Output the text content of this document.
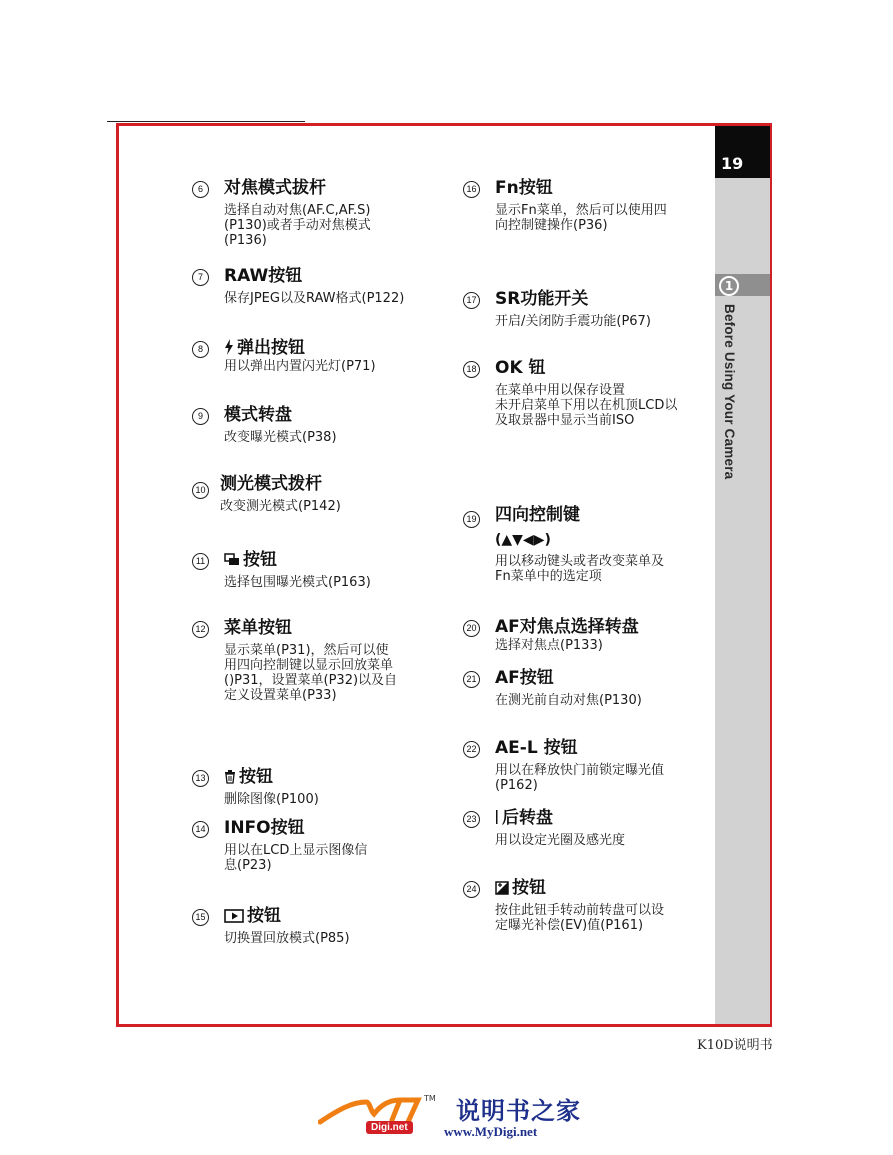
19
1
Before Using Your Camera
6	对焦模式拔杆
选择自动对焦(AF.C,AF.S)
(P130)或者手动对焦模式
(P136)
7	RAW按钮
保存JPEG以及RAW格式(P122)
8	弹出按钮
用以弹出内置闪光灯(P71)
9	模式转盘
改变曝光模式(P38)
10 测光模式拨杆
改变测光模式(P142)
11	按钮
选择包围曝光模式(P163)
12 菜单按钮
显示菜单(P31)，然后可以使
用四向控制键以显示回放菜单
()P31，设置菜单(P32)以及自
定义设置菜单(P33)
13	按钮
删除图像(P100)
14 INFO按钮
用以在LCD上显示图像信
息(P23)
15	按钮
切换置回放模式(P85)
16 Fn按钮
显示Fn菜单，然后可以使用四
向控制键操作(P36)
17 SR功能开关
开启/关闭防手震功能(P67)
18 OK 钮
在菜单中用以保存设置
未开启菜单下用以在机顶LCD以
及取景器中显示当前ISO
19 四向控制键
(▲▼◀▶)
用以移动键头或者改变菜单及
Fn菜单中的选定项
20 AF对焦点选择转盘
选择对焦点(P133)
21 AF按钮
在测光前自动对焦(P130)
22 AE-L 按钮
用以在释放快门前锁定曝光值
(P162)
23	后转盘
用以设定光圈及感光度
24	按钮
按住此钮手转动前转盘可以设
定曝光补偿(EV)值(P161)
K10D说明书
TM
Digi.net
说明书之家
www.MyDigi.net
